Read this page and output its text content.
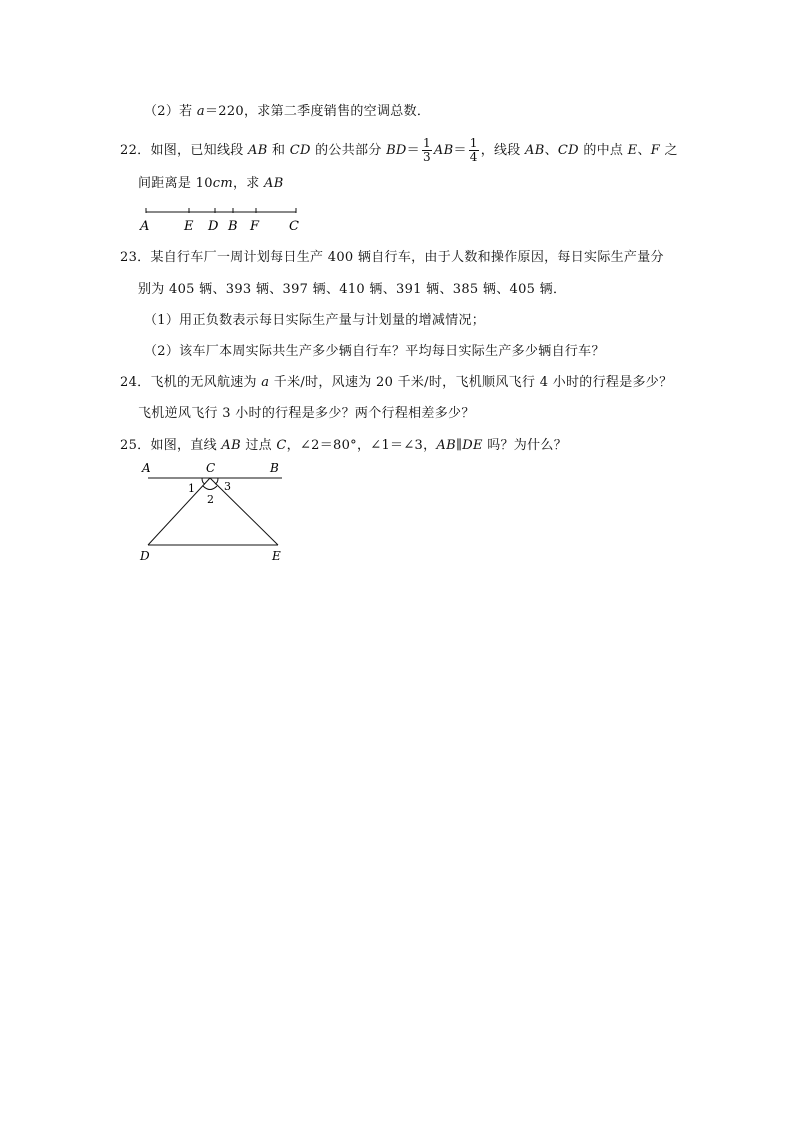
（2）若 a＝220，求第二季度销售的空调总数．
22．如图，已知线段 AB 和 CD 的公共部分 $BD= \frac{1}{3} AB= \frac{1}{4}$ ，线段 AB、CD 的中点 E、F 之
间距离是 10cm，求 AB
A	E D B F C
23．某自行车厂一周计划每日生产 400 辆自行车，由于人数和操作原因，每日实际生产量分
别为 405 辆、393 辆、397 辆、410 辆、391 辆、385 辆、405 辆．
（1）用正负数表示每日实际生产量与计划量的增减情况；
（2）该车厂本周实际共生产多少辆自行车？平均每日实际生产多少辆自行车？
24．飞机的无风航速为 a 千米/时，风速为 20 千米/时，飞机顺风飞行 4 小时的行程是多少？
飞机逆风飞行 3 小时的行程是多少？两个行程相差多少？
25．如图，直线 AB 过点 C，∠2＝80°，∠1＝∠3，AB∥DE 吗？为什么？
A	C	B
1	3
2
D	E
